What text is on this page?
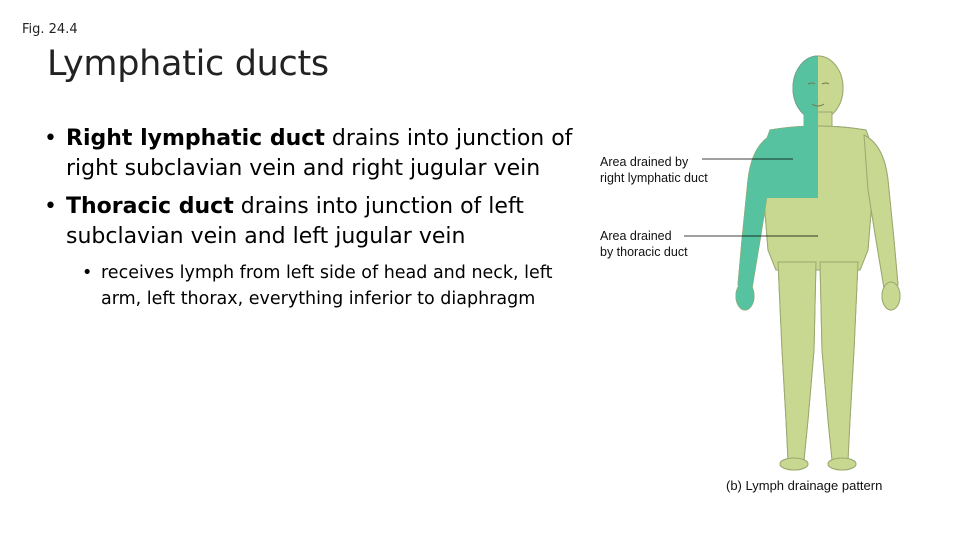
Fig. 24.4
Lymphatic ducts
• Right lymphatic duct drains into junction of right subclavian vein and right jugular vein
• Thoracic duct drains into junction of left subclavian vein and left jugular vein
• receives lymph from left side of head and neck, left arm, left thorax, everything inferior to diaphragm
Area drained by
right lymphatic duct
Area drained
by thoracic duct
(b) Lymph drainage pattern
